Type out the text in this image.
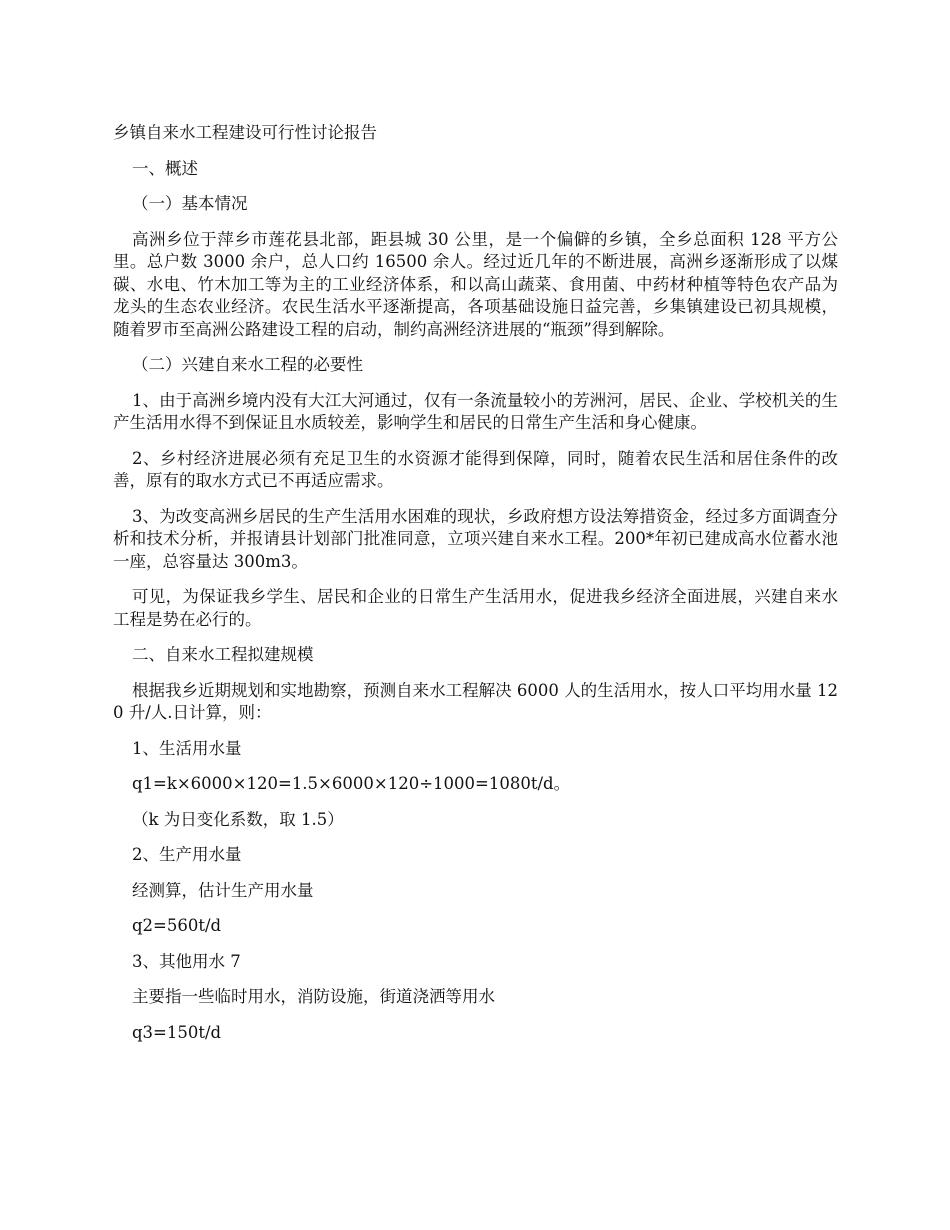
乡镇自来水工程建设可行性讨论报告

一、概述

（一）基本情况

高洲乡位于萍乡市莲花县北部，距县城 30 公里，是一个偏僻的乡镇，全乡总面积 128 平方公里。总户数 3000 余户，总人口约 16500 余人。经过近几年的不断进展，高洲乡逐渐形成了以煤碳、水电、竹木加工等为主的工业经济体系，和以高山蔬菜、食用菌、中药材种植等特色农产品为龙头的生态农业经济。农民生活水平逐渐提高，各项基础设施日益完善，乡集镇建设已初具规模，随着罗市至高洲公路建设工程的启动，制约高洲经济进展的“瓶颈”得到解除。

（二）兴建自来水工程的必要性

1、由于高洲乡境内没有大江大河通过，仅有一条流量较小的芳洲河，居民、企业、学校机关的生产生活用水得不到保证且水质较差，影响学生和居民的日常生产生活和身心健康。

2、乡村经济进展必须有充足卫生的水资源才能得到保障，同时，随着农民生活和居住条件的改善，原有的取水方式已不再适应需求。

3、为改变高洲乡居民的生产生活用水困难的现状，乡政府想方设法筹措资金，经过多方面调查分析和技术分析，并报请县计划部门批准同意，立项兴建自来水工程。200*年初已建成高水位蓄水池一座，总容量达 300m3。

可见，为保证我乡学生、居民和企业的日常生产生活用水，促进我乡经济全面进展，兴建自来水工程是势在必行的。

二、自来水工程拟建规模

根据我乡近期规划和实地勘察，预测自来水工程解决 6000 人的生活用水，按人口平均用水量 120 升/人.日计算，则：

1、生活用水量

q1=k×6000×120=1.5×6000×120÷1000=1080t/d。

（k 为日变化系数，取 1.5）

2、生产用水量

经测算，估计生产用水量

q2=560t/d

3、其他用水 7

主要指一些临时用水，消防设施，街道浇洒等用水

q3=150t/d
